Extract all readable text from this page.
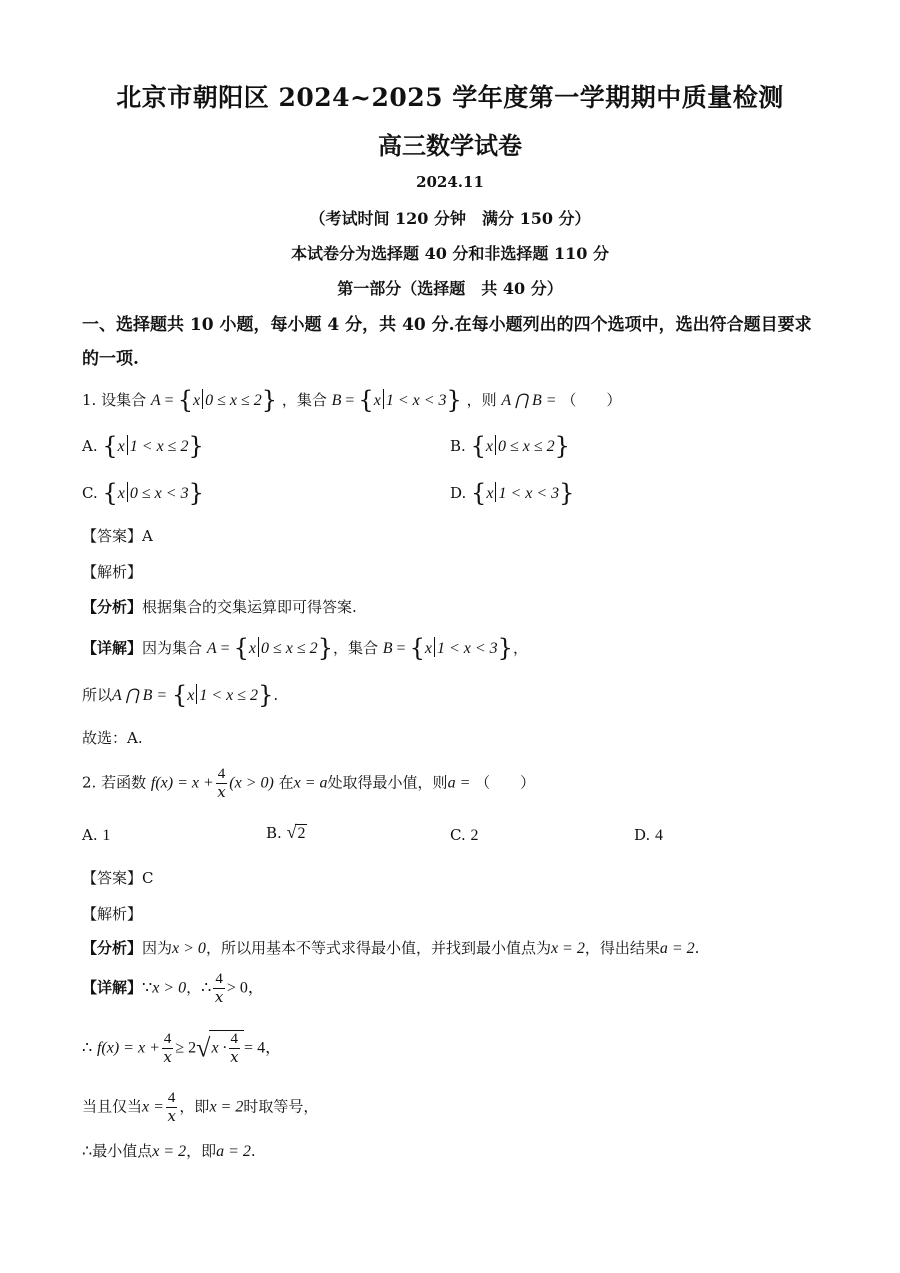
北京市朝阳区 2024~2025 学年度第一学期期中质量检测
高三数学试卷
2024.11
（考试时间 120 分钟　满分 150 分）
本试卷分为选择题 40 分和非选择题 110 分
第一部分（选择题　共 40 分）
一、选择题共 10 小题，每小题 4 分，共 40 分.在每小题列出的四个选项中，选出符合题目要求的一项.
1. 设集合 A = {x 0 ≤ x ≤ 2} ，集合 B = {x 1 < x < 3} ，则 A ⋂ B = （　　）
A. {x 1 < x ≤ 2}	B. {x 0 ≤ x ≤ 2}
C. {x 0 ≤ x < 3}	D. {x 1 < x < 3}
【答案】A
【解析】
【分析】根据集合的交集运算即可得答案.
【详解】因为集合 A = {x 0 ≤ x ≤ 2}，集合 B = {x 1 < x < 3}，
所以A ⋂ B = {x 1 < x ≤ 2}.
故选：A.
2. 若函数 $f(x) = x + \frac{4}{x} (x > 0)$ 在x = a处取得最小值，则a = （　　）
A. 1	B. √2	C. 2	D. 4
【答案】C
【解析】
【分析】因为x > 0，所以用基本不等式求得最小值，并找到最小值点为x = 2，得出结果a = 2.
【详解】∵x > 0，∴ $\frac{4}{x} > 0$，
∴ $f(x) = x + \frac{4}{x} \ge 2√x \cdot \frac{4}{x} = 4$，
当且仅当$x = \frac{4}{x}$ ，即x = 2时取等号，
∴最小值点x = 2，即a = 2.
